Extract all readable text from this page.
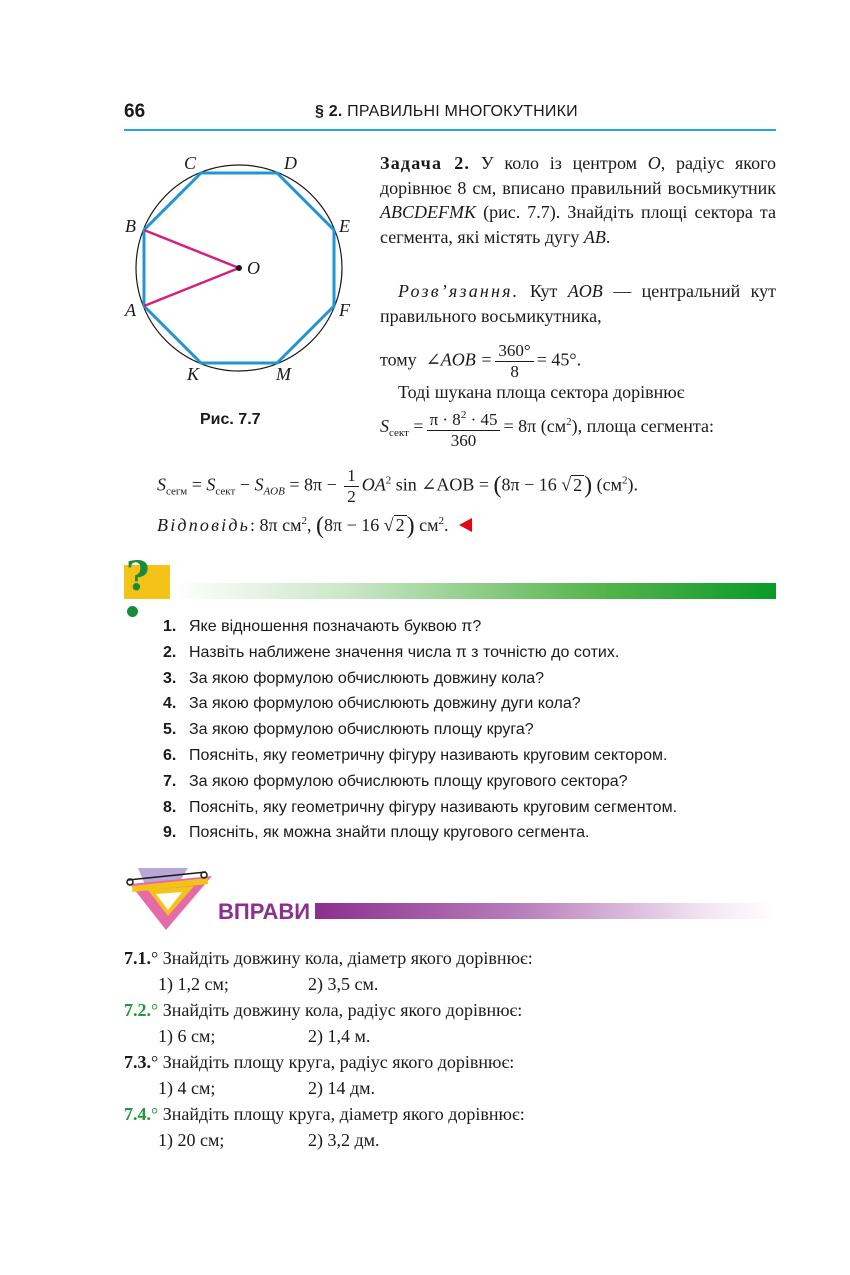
66	§ 2. ПРАВИЛЬНІ МНОГОКУТНИКИ
C	D
E
F
M
K
A
B
O
Рис. 7.7
Задача 2. У коло із центром O, радіус якого дорівнює 8 см, вписано правильний восьмикутник ABCDEFMK (рис. 7.7). Знайдіть площі сектора та сегмента, які містять дугу AB.
 Розв’язання. Кут AOB — центральний кут правильного восьмикутника,
тому ∠AOB = $\frac{360^\circ}{8} = 45^\circ$.
 Тоді шукана площа сектора дорівнює
$S_{сект} = \frac{\pi \cdot 8^2 \cdot 45}{360} = 8\pi$ $(см^2)$, площа сегмента:
$S_{сегм} = S_{сект} - S_{AOB} = 8\pi - \frac{1}{2} OA^2$ sin ∠AOB = (8π − 16 √ 2) $(см^2)$.
Відповідь: 8π $см^2$, (8π − 16 √ 2) $см^2$.
?
1. Яке відношення позначають буквою π?
2. Назвіть наближене значення числа π з точністю до сотих.
3. За якою формулою обчислюють довжину кола?
4. За якою формулою обчислюють довжину дуги кола?
5. За якою формулою обчислюють площу круга?
6. Поясніть, яку геометричну фігуру називають круговим сектором.
7. За якою формулою обчислюють площу кругового сектора?
8. Поясніть, яку геометричну фігуру називають круговим сегментом.
9. Поясніть, як можна знайти площу кругового сегмента.
ВПРАВИ
7.1.° Знайдіть довжину кола, діаметр якого дорівнює:
1) 1,2 см;	2) 3,5 см.
7.2.° Знайдіть довжину кола, радіус якого дорівнює:
1) 6 см;	2) 1,4 м.
7.3.° Знайдіть площу круга, радіус якого дорівнює:
1) 4 см;	2) 14 дм.
7.4.° Знайдіть площу круга, діаметр якого дорівнює:
1) 20 см;	2) 3,2 дм.
